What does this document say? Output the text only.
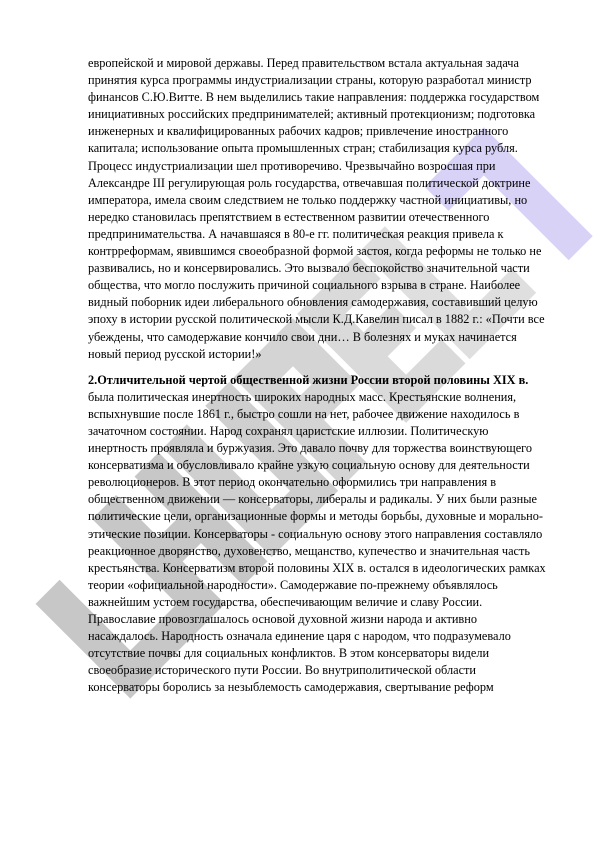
европейской и мировой державы. Перед правительством встала актуальная задача принятия курса программы индустриализации страны, которую разработал министр финансов С.Ю.Витте. В нем выделились такие направления: поддержка государством инициативных российских предпринимателей; активный протекционизм; подготовка инженерных и квалифицированных рабочих кадров; привлечение иностранного капитала; использование опыта промышленных стран; стабилизация курса рубля. Процесс индустриализации шел противоречиво. Чрезвычайно возросшая при Александре III регулирующая роль государства, отвечавшая политической доктрине императора, имела своим следствием не только поддержку частной инициативы, но нередко становилась препятствием в естественном развитии отечественного предпринимательства. А начавшаяся в 80-е гг. политическая реакция привела к контрреформам, явившимся своеобразной формой застоя, когда реформы не только не развивались, но и консервировались. Это вызвало беспокойство значительной части общества, что могло послужить причиной социального взрыва в стране. Наиболее видный поборник идеи либерального обновления самодержавия, составивший целую эпоху в истории русской политической мысли К.Д.Кавелин писал в 1882 г.: «Почти все убеждены, что самодержавие кончило свои дни… В болезнях и муках начинается новый период русской истории!»

2.Отличительной чертой общественной жизни России второй половины XIX в. была политическая инертность широких народных масс. Крестьянские волнения, вспыхнувшие после 1861 г., быстро сошли на нет, рабочее движение находилось в зачаточном состоянии. Народ сохранял царистские иллюзии. Политическую инертность проявляла и буржуазия. Это давало почву для торжества воинствующего консерватизма и обусловливало крайне узкую социальную основу для деятельности революционеров. В этот период окончательно оформились три направления в общественном движении — консерваторы, либералы и радикалы. У них были разные политические цели, организационные формы и методы борьбы, духовные и морально-этические позиции. Консерваторы - социальную основу этого направления составляло реакционное дворянство, духовенство, мещанство, купечество и значительная часть крестьянства. Консерватизм второй половины XIX в. остался в идеологических рамках теории «официальной народности». Самодержавие по-прежнему объявлялось важнейшим устоем государства, обеспечивающим величие и славу России. Православие провозглашалось основой духовной жизни народа и активно насаждалось. Народность означала единение царя с народом, что подразумевало отсутствие почвы для социальных конфликтов. В этом консерваторы видели своеобразие исторического пути России. Во внутриполитической области консерваторы боролись за незыблемость самодержавия, свертывание реформ
